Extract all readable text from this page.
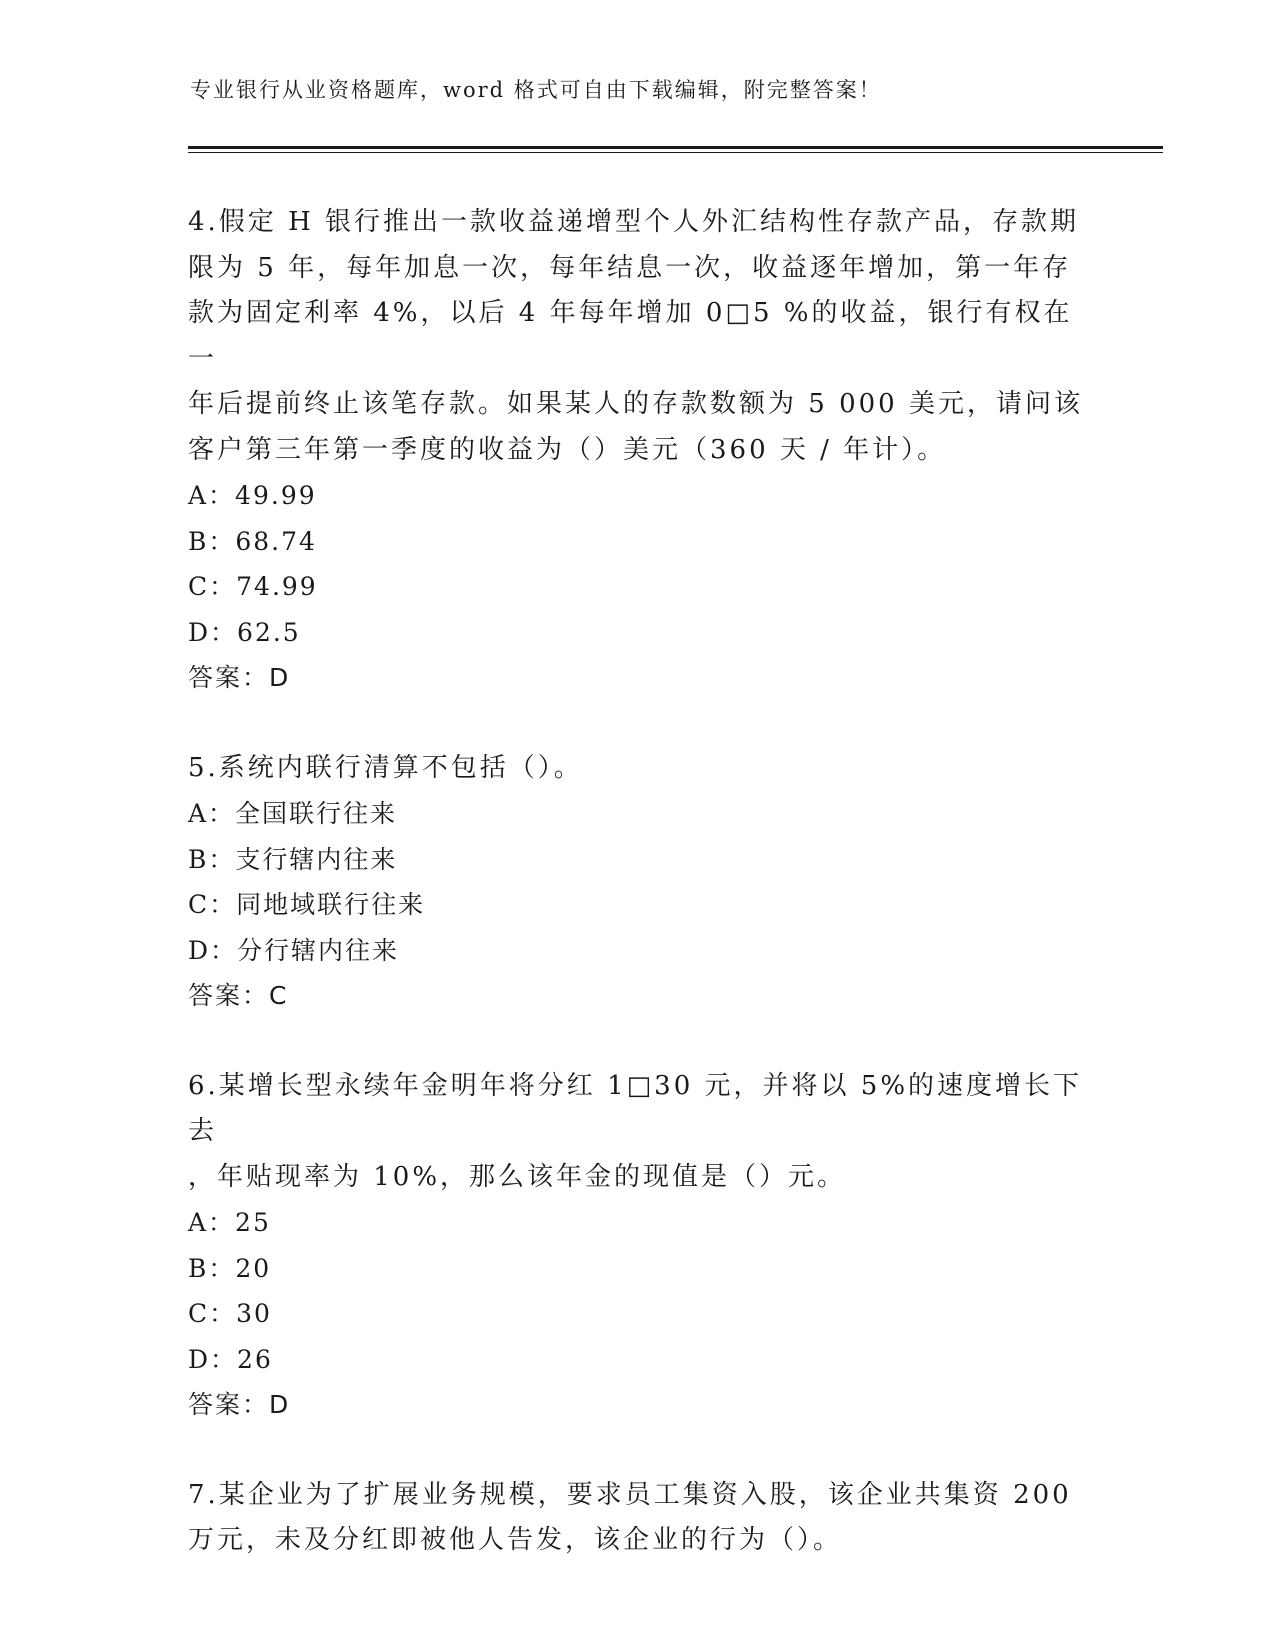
专业银行从业资格题库，word 格式可自由下载编辑，附完整答案！

4.假定 H 银行推出一款收益递增型个人外汇结构性存款产品，存款期

限为 5 年，每年加息一次，每年结息一次，收益逐年增加，第一年存

款为固定利率 4%，以后 4 年每年增加 0□5 %的收益，银行有权在一

年后提前终止该笔存款。如果某人的存款数额为 5 000 美元，请问该

客户第三年第一季度的收益为（）美元（360 天 / 年计）。

A：49.99

B：68.74

C：74.99

D：62.5

答案：D

5.系统内联行清算不包括（）。

A：全国联行往来

B：支行辖内往来

C：同地域联行往来

D：分行辖内往来

答案：C

6.某增长型永续年金明年将分红 1□30 元，并将以 5%的速度增长下去

，年贴现率为 10%，那么该年金的现值是（）元。

A：25

B：20

C：30

D：26

答案：D

7.某企业为了扩展业务规模，要求员工集资入股，该企业共集资 200

万元，未及分红即被他人告发，该企业的行为（）。
